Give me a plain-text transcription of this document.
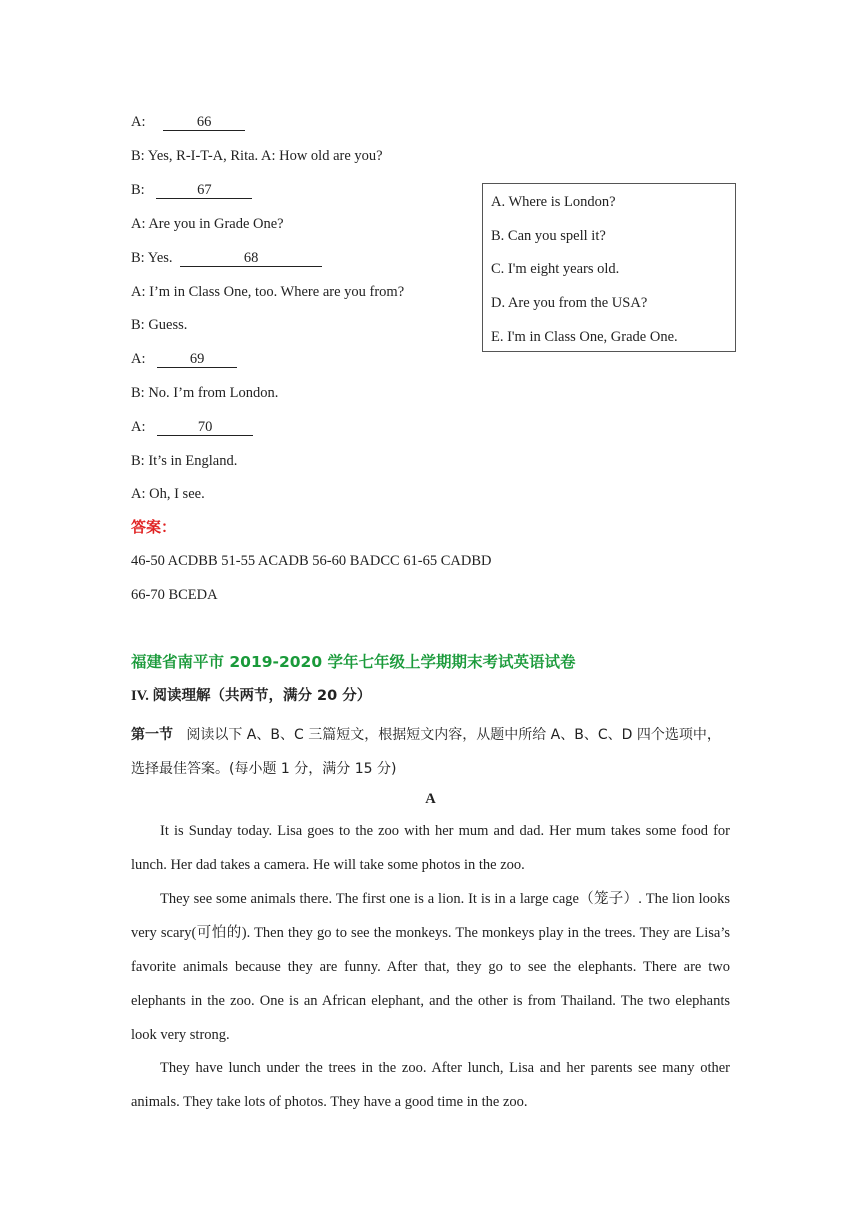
A:	66
B: Yes, R-I-T-A, Rita. A: How old are you?
B:	67
A: Are you in Grade One?
B: Yes.	68
A: I’m in Class One, too. Where are you from?
B: Guess.
A:	69
B: No. I’m from London.
A:	70
B: It’s in England.
A: Oh, I see.
A. Where is London?
B. Can you spell it?
C. I'm eight years old.
D. Are you from the USA?
E. I'm in Class One, Grade One.
答案：
46-50 ACDBB 51-55 ACADB 56-60 BADCC 61-65 CADBD
66-70 BCEDA
福建省南平市 2019-2020 学年七年级上学期期末考试英语试卷
IV. 阅读理解（共两节，满分 20 分）
第一节 阅读以下 A、B、C 三篇短文，根据短文内容，从题中所给 A、B、C、D 四个选项中，选择最佳答案。(每小题 1 分，满分 15 分)
A
It is Sunday today. Lisa goes to the zoo with her mum and dad. Her mum takes some food for lunch. Her dad takes a camera. He will take some photos in the zoo.
They see some animals there. The first one is a lion. It is in a large cage（笼子）. The lion looks very scary(可怕的). Then they go to see the monkeys. The monkeys play in the trees. They are Lisa’s favorite animals because they are funny. After that, they go to see the elephants. There are two elephants in the zoo. One is an African elephant, and the other is from Thailand. The two elephants look very strong.
They have lunch under the trees in the zoo. After lunch, Lisa and her parents see many other animals. They take lots of photos. They have a good time in the zoo.
